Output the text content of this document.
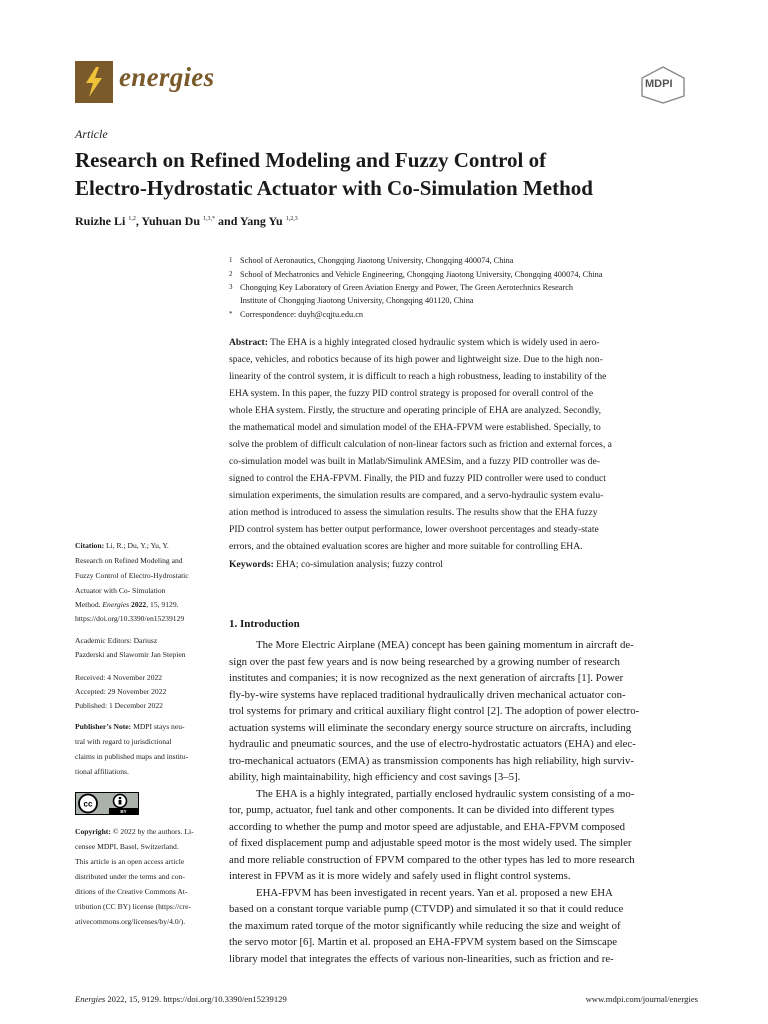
energies	MDPI
Article
Research on Refined Modeling and Fuzzy Control of
Electro-Hydrostatic Actuator with Co-Simulation Method
Ruizhe Li $^{1,2}$, Yuhuan Du $^{1,3,*}$ and Yang Yu $^{1,2,3}$
1 School of Aeronautics, Chongqing Jiaotong University, Chongqing 400074, China
2 School of Mechatronics and Vehicle Engineering, Chongqing Jiaotong University, Chongqing 400074, China
3 Chongqing Key Laboratory of Green Aviation Energy and Power, The Green Aerotechnics Research
Institute of Chongqing Jiaotong University, Chongqing 401120, China
* Correspondence: duyh@cqjtu.edu.cn
Abstract: The EHA is a highly integrated closed hydraulic system which is widely used in aero-
space, vehicles, and robotics because of its high power and lightweight size. Due to the high non-
linearity of the control system, it is difficult to reach a high robustness, leading to instability of the
EHA system. In this paper, the fuzzy PID control strategy is proposed for overall control of the
whole EHA system. Firstly, the structure and operating principle of EHA are analyzed. Secondly,
the mathematical model and simulation model of the EHA-FPVM were established. Specially, to
solve the problem of difficult calculation of non-linear factors such as friction and external forces, a
co-simulation model was built in Matlab/Simulink AMESim, and a fuzzy PID controller was de-
signed to control the EHA-FPVM. Finally, the PID and fuzzy PID controller were used to conduct
simulation experiments, the simulation results are compared, and a servo-hydraulic system evalu-
ation method is introduced to assess the simulation results. The results show that the EHA fuzzy
PID control system has better output performance, lower overshoot percentages and steady-state
errors, and the obtained evaluation scores are higher and more suitable for controlling EHA.
Keywords: EHA; co-simulation analysis; fuzzy control
Citation: Li, R.; Du, Y.; Yu, Y.
Research on Refined Modeling and
Fuzzy Control of Electro-Hydrostatic
Actuator with Co- Simulation
Method. Energies 2022, 15, 9129.
https://doi.org/10.3390/en15239129
Academic Editors: Dariusz
Pazderski and Slawomir Jan Stepien
Received: 4 November 2022
Accepted: 29 November 2022
Published: 1 December 2022
Publisher’s Note: MDPI stays neu-
tral with regard to jurisdictional
claims in published maps and institu-
tional affiliations.
cc
BY
Copyright: © 2022 by the authors. Li-
censee MDPI, Basel, Switzerland.
This article is an open access article
distributed under the terms and con-
ditions of the Creative Commons At-
tribution (CC BY) license (https://cre-
ativecommons.org/licenses/by/4.0/).
1. Introduction
The More Electric Airplane (MEA) concept has been gaining momentum in aircraft de-
sign over the past few years and is now being researched by a growing number of research
institutes and companies; it is now recognized as the next generation of aircrafts [1]. Power
fly-by-wire systems have replaced traditional hydraulically driven mechanical actuator con-
trol systems for primary and critical auxiliary flight control [2]. The adoption of power electro-
actuation systems will eliminate the secondary energy source structure on aircrafts, including
hydraulic and pneumatic sources, and the use of electro-hydrostatic actuators (EHA) and elec-
tro-mechanical actuators (EMA) as transmission components has high reliability, high surviv-
ability, high maintainability, high efficiency and cost savings [3–5].
The EHA is a highly integrated, partially enclosed hydraulic system consisting of a mo-
tor, pump, actuator, fuel tank and other components. It can be divided into different types
according to whether the pump and motor speed are adjustable, and EHA-FPVM composed
of fixed displacement pump and adjustable speed motor is the most widely used. The simpler
and more reliable construction of FPVM compared to the other types has led to more research
interest in FPVM as it is more widely and safely used in flight control systems.
EHA-FPVM has been investigated in recent years. Yan et al. proposed a new EHA
based on a constant torque variable pump (CTVDP) and simulated it so that it could reduce
the maximum rated torque of the motor significantly while reducing the size and weight of
the servo motor [6]. Martin et al. proposed an EHA-FPVM system based on the Simscape
library model that integrates the effects of various non-linearities, such as friction and re-
Energies 2022, 15, 9129. https://doi.org/10.3390/en15239129	www.mdpi.com/journal/energies
